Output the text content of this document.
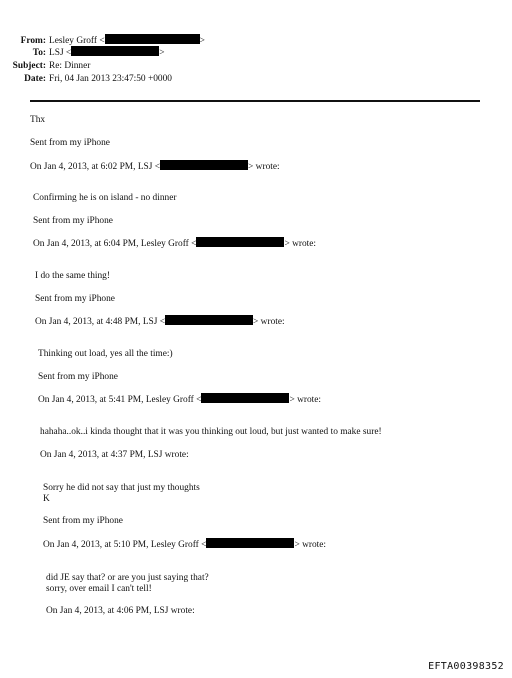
From: Lesley Groff <	>
To: LSJ <	>
Subject: Re: Dinner
Date: Fri, 04 Jan 2013 23:47:50 +0000
Thx
Sent from my iPhone
On Jan 4, 2013, at 6:02 PM, LSJ <	> wrote:
Confirming he is on island - no dinner
Sent from my iPhone
On Jan 4, 2013, at 6:04 PM, Lesley Groff <	> wrote:
I do the same thing!
Sent from my iPhone
On Jan 4, 2013, at 4:48 PM, LSJ <	> wrote:
Thinking out load, yes all the time:)
Sent from my iPhone
On Jan 4, 2013, at 5:41 PM, Lesley Groff <	> wrote:
hahaha..ok..i kinda thought that it was you thinking out loud, but just wanted to make sure!
On Jan 4, 2013, at 4:37 PM, LSJ wrote:
Sorry he did not say that just my thoughts
K
Sent from my iPhone
On Jan 4, 2013, at 5:10 PM, Lesley Groff <	> wrote:
did JE say that? or are you just saying that?
sorry, over email I can't tell!
On Jan 4, 2013, at 4:06 PM, LSJ wrote:
EFTA00398352
